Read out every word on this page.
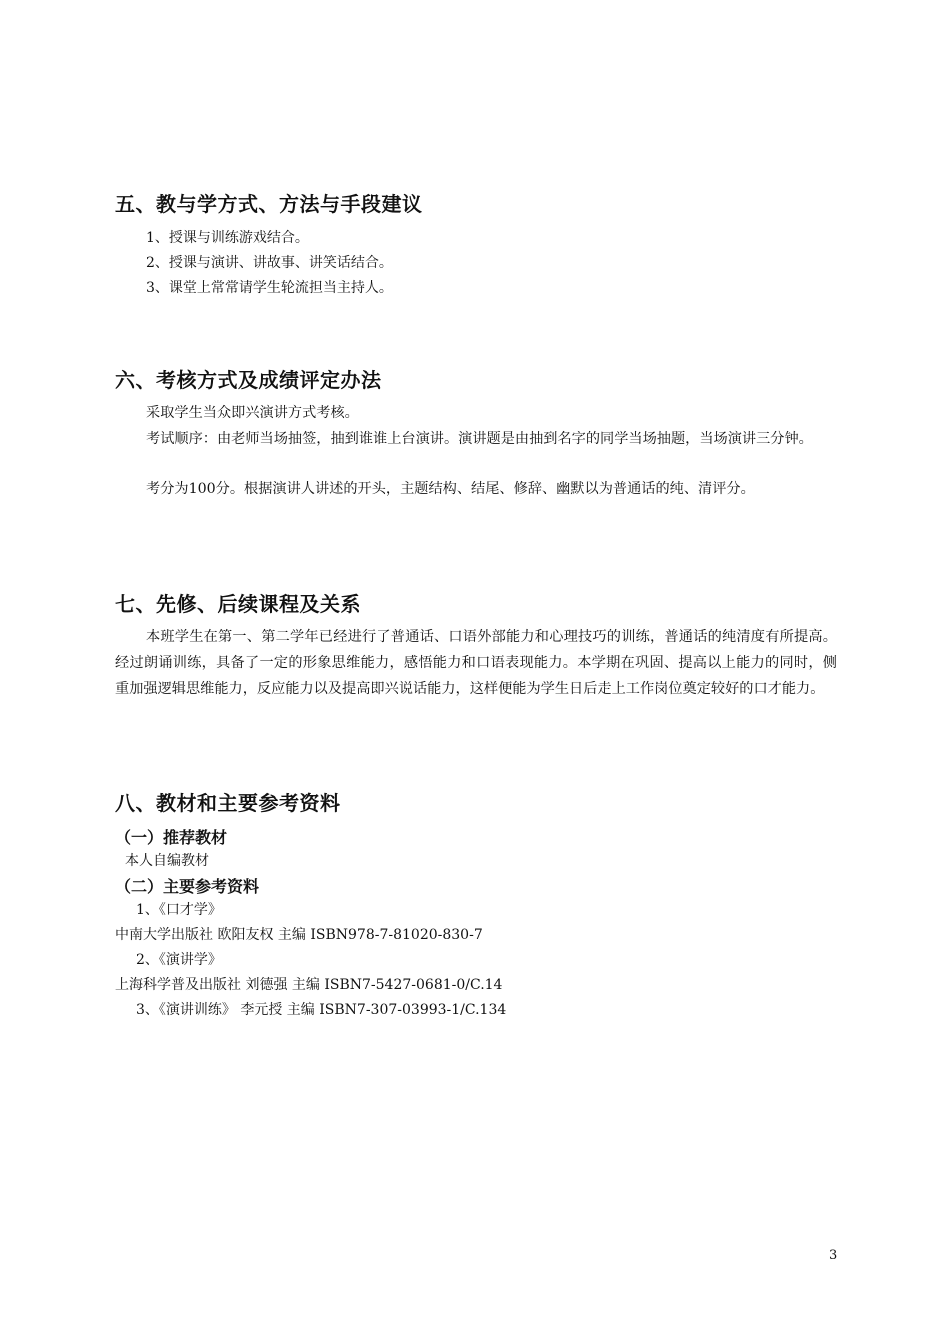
五、教与学方式、方法与手段建议
1、授课与训练游戏结合。
2、授课与演讲、讲故事、讲笑话结合。
3、课堂上常常请学生轮流担当主持人。
六、考核方式及成绩评定办法

采取学生当众即兴演讲方式考核。

考试顺序：由老师当场抽签，抽到谁谁上台演讲。演讲题是由抽到名字的同学当场抽题，当场演讲三分钟。

考分为100分。根据演讲人讲述的开头，主题结构、结尾、修辞、幽默以为普通话的纯、清评分。

七、先修、后续课程及关系

本班学生在第一、第二学年已经进行了普通话、口语外部能力和心理技巧的训练，普通话的纯清度有所提高。经过朗诵训练，具备了一定的形象思维能力，感悟能力和口语表现能力。本学期在巩固、提高以上能力的同时，侧重加强逻辑思维能力，反应能力以及提高即兴说话能力，这样便能为学生日后走上工作岗位奠定较好的口才能力。

八、教材和主要参考资料
（一）推荐教材
本人自编教材
（二）主要参考资料
1、《口才学》
中南大学出版社 欧阳友权 主编 ISBN978-7-81020-830-7
2、《演讲学》
上海科学普及出版社 刘德强 主编 ISBN7-5427-0681-0/C.14
3、《演讲训练》 李元授 主编 ISBN7-307-03993-1/C.134
3
